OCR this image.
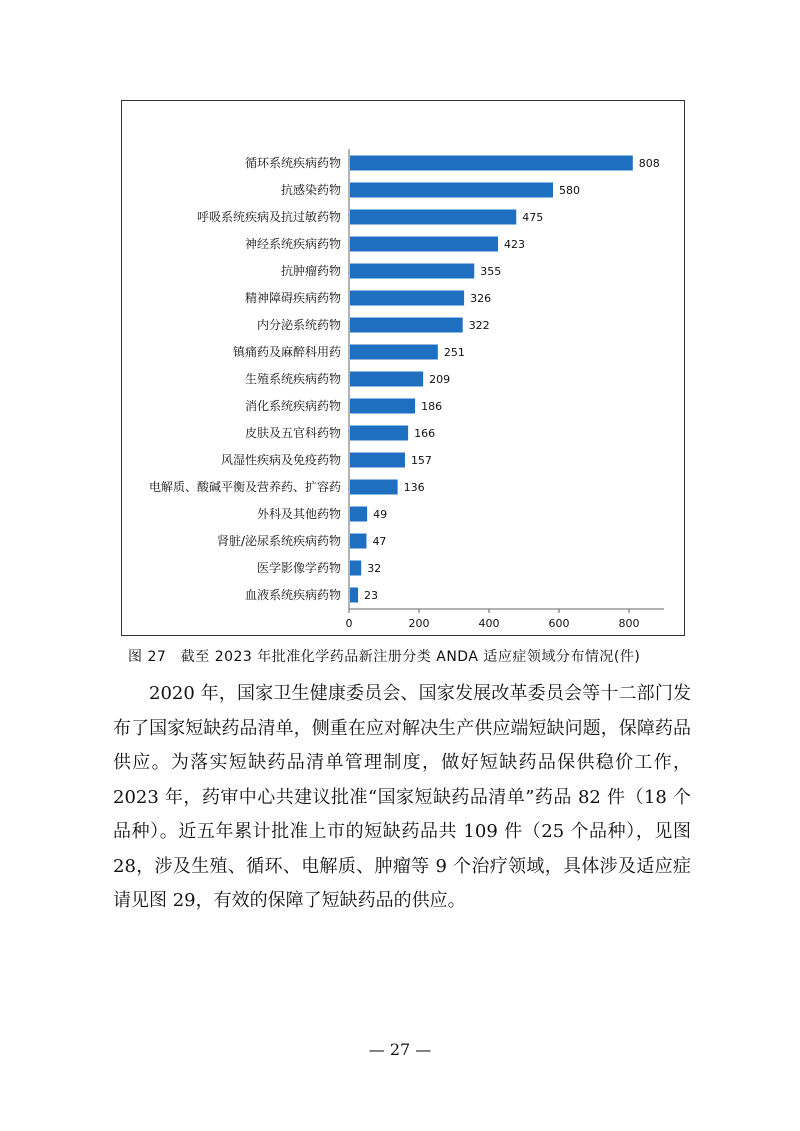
循环系统疾病药物	808
抗感染药物	580
呼吸系统疾病及抗过敏药物	475
神经系统疾病药物	423
抗肿瘤药物	355
精神障碍疾病药物	326
内分泌系统药物	322
镇痛药及麻醉科用药	251
生殖系统疾病药物	209
消化系统疾病药物	186
皮肤及五官科药物	166
风湿性疾病及免疫药物	157
电解质、酸碱平衡及营养药、扩容药	136
外科及其他药物	49
肾脏/泌尿系统疾病药物	47
医学影像学药物 32
血液系统疾病药物 23
0	200	400	600	800
图 27　截至 2023 年批准化学药品新注册分类 ANDA 适应症领域分布情况(件)

2020 年，国家卫生健康委员会、国家发展改革委员会等十二部门发布了国家短缺药品清单，侧重在应对解决生产供应端短缺问题，保障药品供应。为落实短缺药品清单管理制度，做好短缺药品保供稳价工作，2023 年，药审中心共建议批准“国家短缺药品清单”药品 82 件（18 个品种）。近五年累计批准上市的短缺药品共 109 件（25 个品种），见图 28，涉及生殖、循环、电解质、肿瘤等 9 个治疗领域，具体涉及适应症请见图 29，有效的保障了短缺药品的供应。

— 27 —
